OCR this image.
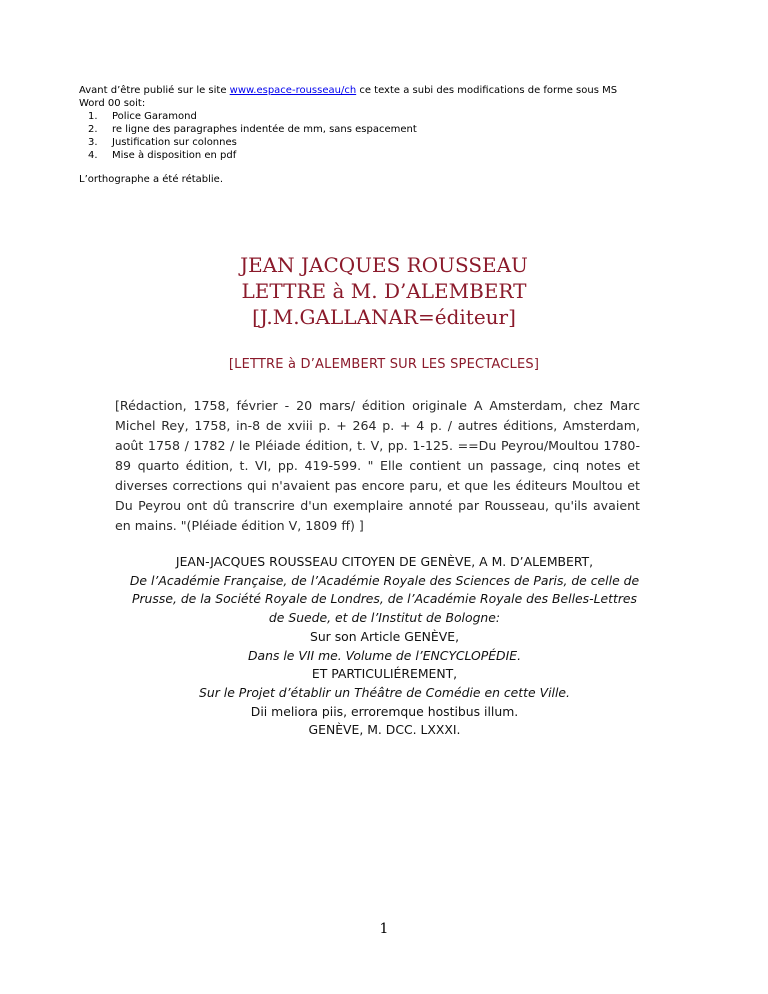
Avant d’être publié sur le site www.espace-rousseau/ch ce texte a subi des modifications de forme sous MS

Word 00 soit:

1. Police Garamond
2. re ligne des paragraphes indentée de mm, sans espacement
3. Justification sur colonnes
4. Mise à disposition en pdf

L’orthographe a été rétablie.

JEAN JACQUES ROUSSEAU
LETTRE à M. D’ALEMBERT
[J.M.GALLANAR=éditeur]
[LETTRE à D’ALEMBERT SUR LES SPECTACLES]
[Rédaction, 1758, février - 20 mars/ édition originale A Amsterdam, chez Marc Michel Rey, 1758, in-8 de xviii p. + 264 p. + 4 p. / autres éditions, Amsterdam, août 1758 / 1782 / le Pléiade édition, t. V, pp. 1-125. ==Du Peyrou/Moultou 1780-89 quarto édition, t. VI, pp. 419-599. " Elle contient un passage, cinq notes et diverses corrections qui n'avaient pas encore paru, et que les éditeurs Moultou et Du Peyrou ont dû transcrire d'un exemplaire annoté par Rousseau, qu'ils avaient en mains. "(Pléiade édition V, 1809 ff) ]
JEAN-JACQUES ROUSSEAU CITOYEN DE GENÈVE, A M. D’ALEMBERT,
De l’Académie Française, de l’Académie Royale des Sciences de Paris, de celle de
Prusse, de la Société Royale de Londres, de l’Académie Royale des Belles-Lettres
de Suede, et de l’Institut de Bologne:
Sur son Article GENÈVE,
Dans le VII me. Volume de l’ENCYCLOPÉDIE.
ET PARTICULIÉREMENT,
Sur le Projet d’établir un Théâtre de Comédie en cette Ville.
Dii meliora piis, erroremque hostibus illum.
GENÈVE, M. DCC. LXXXI.
1
